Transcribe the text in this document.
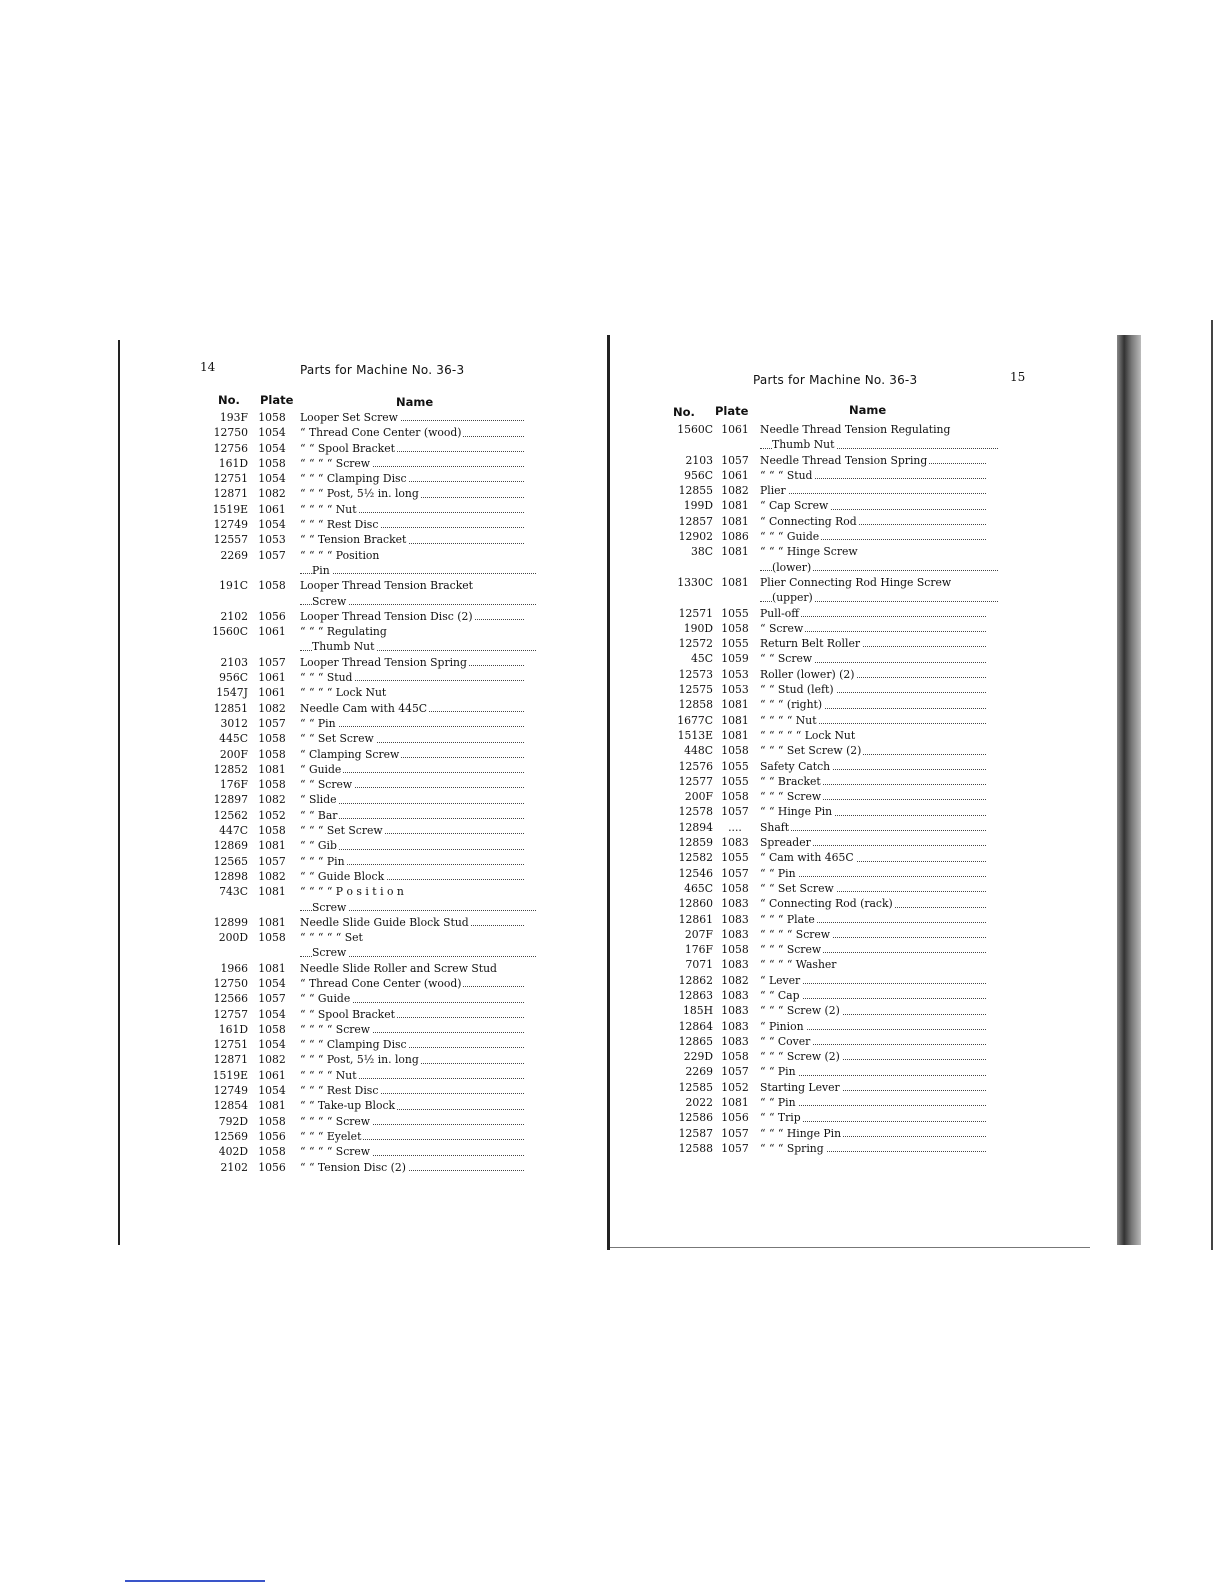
14	Parts for Machine No. 36-3
No. Plate	Name
193F 1058 Looper Set Screw
12750 1054 “ Thread Cone Center (wood)
12756 1054 “ “ Spool Bracket
161D 1058 “ “ “ “ Screw
12751 1054 “ “ “ Clamping Disc
12871 1082 “ “ “ Post, 5½ in. long
1519E 1061 “ “ “ “ Nut
12749 1054 “ “ “ Rest Disc
12557 1053 “ “ Tension Bracket
2269 1057 “ “ “ “ Position
Pin
191C 1058 Looper Thread Tension Bracket
Screw
2102 1056 Looper Thread Tension Disc (2)
1560C 1061 “ “ “ Regulating
Thumb Nut
2103 1057 Looper Thread Tension Spring
956C 1061 “ “ “ Stud
1547J 1061 “ “ “ “ Lock Nut
12851 1082 Needle Cam with 445C
3012 1057 “ “ Pin
445C 1058 “ “ Set Screw
200F 1058 “ Clamping Screw
12852 1081 “ Guide
176F 1058 “ “ Screw
12897 1082 “ Slide
12562 1052 “ “ Bar
447C 1058 “ “ “ Set Screw
12869 1081 “ “ Gib
12565 1057 “ “ “ Pin
12898 1082 “ “ Guide Block
743C 1081 “ “ “ “ P o s i t i o n
Screw
12899 1081 Needle Slide Guide Block Stud
200D 1058 “ “ “ “ “ Set
Screw
1966 1081 Needle Slide Roller and Screw Stud
12750 1054 “ Thread Cone Center (wood)
12566 1057 “ “ Guide
12757 1054 “ “ Spool Bracket
161D 1058 “ “ “ “ Screw
12751 1054 “ “ “ Clamping Disc
12871 1082 “ “ “ Post, 5½ in. long
1519E 1061 “ “ “ “ Nut
12749 1054 “ “ “ Rest Disc
12854 1081 “ “ Take-up Block
792D 1058 “ “ “ “ Screw
12569 1056 “ “ “ Eyelet
402D 1058 “ “ “ “ Screw
2102 1056 “ “ Tension Disc (2)
Parts for Machine No. 36-3	15
No. Plate	Name
1560C 1061 Needle Thread Tension Regulating
Thumb Nut
2103 1057 Needle Thread Tension Spring
956C 1061 “ “ “ Stud
12855 1082 Plier
199D 1081 “ Cap Screw
12857 1081 “ Connecting Rod
12902 1086 “ “ “ Guide
38C 1081 “ “ “ Hinge Screw
(lower)
1330C 1081 Plier Connecting Rod Hinge Screw
(upper)
12571 1055 Pull-off
190D 1058 “ Screw
12572 1055 Return Belt Roller
45C 1059 “ “ Screw
12573 1053 Roller (lower) (2)
12575 1053 “ “ Stud (left)
12858 1081 “ “ “ (right)
1677C 1081 “ “ “ “ Nut
1513E 1081 “ “ “ “ “ Lock Nut
448C 1058 “ “ “ Set Screw (2)
12576 1055 Safety Catch
12577 1055 “ “ Bracket
200F 1058 “ “ “ Screw
12578 1057 “ “ Hinge Pin
12894	....	Shaft
12859 1083 Spreader
12582 1055 “ Cam with 465C
12546 1057 “ “ Pin
465C 1058 “ “ Set Screw
12860 1083 “ Connecting Rod (rack)
12861 1083 “ “ “ Plate
207F 1083 “ “ “ “ Screw
176F 1058 “ “ “ Screw
7071 1083 “ “ “ “ Washer
12862 1082 “ Lever
12863 1083 “ “ Cap
185H 1083 “ “ “ Screw (2)
12864 1083 “ Pinion
12865 1083 “ “ Cover
229D 1058 “ “ “ Screw (2)
2269 1057 “ “ Pin
12585 1052 Starting Lever
2022 1081 “ “ Pin
12586 1056 “ “ Trip
12587 1057 “ “ “ Hinge Pin
12588 1057 “ “ “ Spring
